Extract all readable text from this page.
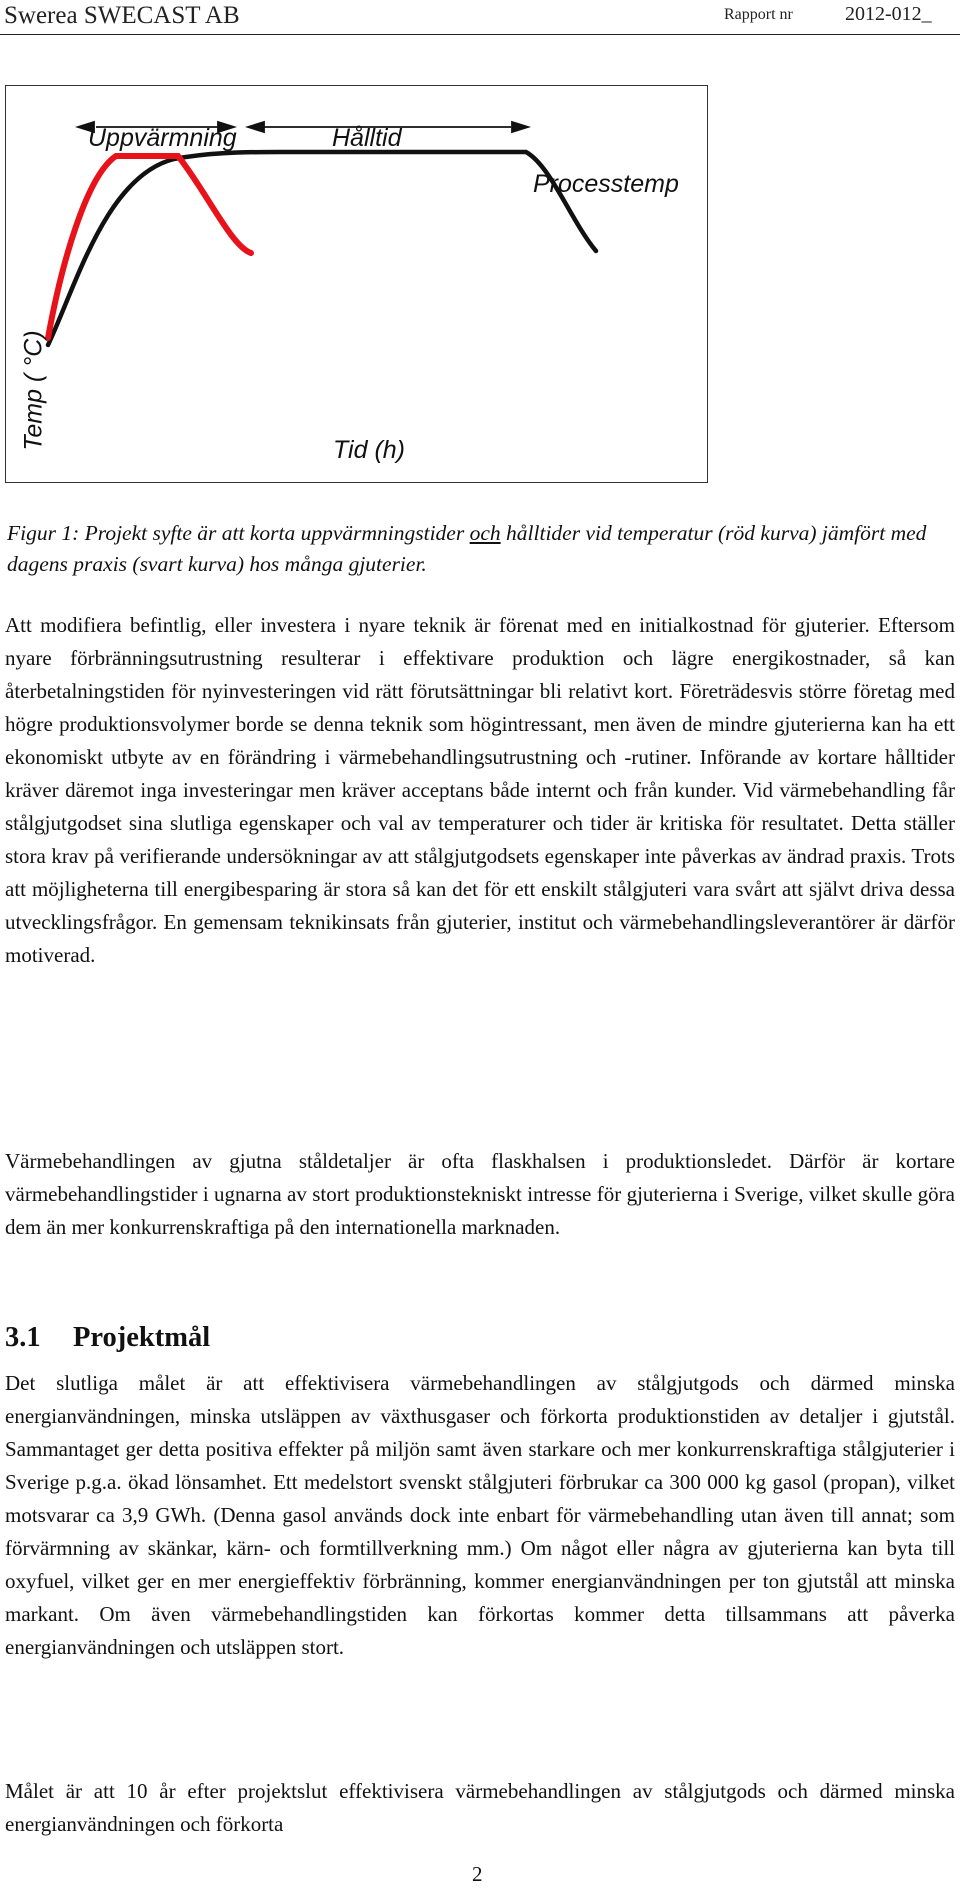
Swerea SWECAST AB	Rapport nr	2012-012_
Uppvärmning	Hålltid
Processtemp
Temp ( °C)	Tid (h)
Figur 1: Projekt syfte är att korta uppvärmningstider och hålltider vid temperatur (röd kurva) jämfört med dagens praxis (svart kurva) hos många gjuterier.

Att modifiera befintlig, eller investera i nyare teknik är förenat med en initialkostnad för gjuterier. Eftersom nyare förbränningsutrustning resulterar i effektivare produktion och lägre energikostnader, så kan återbetalningstiden för nyinvesteringen vid rätt förutsättningar bli relativt kort. Företrädesvis större företag med högre produktionsvolymer borde se denna teknik som högintressant, men även de mindre gjuterierna kan ha ett ekonomiskt utbyte av en förändring i värmebehandlingsutrustning och -rutiner. Införande av kortare hålltider kräver däremot inga investeringar men kräver acceptans både internt och från kunder. Vid värmebehandling får stålgjutgodset sina slutliga egenskaper och val av temperaturer och tider är kritiska för resultatet. Detta ställer stora krav på verifierande undersökningar av att stålgjutgodsets egenskaper inte påverkas av ändrad praxis. Trots att möjligheterna till energibesparing är stora så kan det för ett enskilt stålgjuteri vara svårt att självt driva dessa utvecklingsfrågor. En gemensam teknikinsats från gjuterier, institut och värmebehandlingsleverantörer är därför motiverad.

Värmebehandlingen av gjutna ståldetaljer är ofta flaskhalsen i produktionsledet. Därför är kortare värmebehandlingstider i ugnarna av stort produktionstekniskt intresse för gjuterierna i Sverige, vilket skulle göra dem än mer konkurrenskraftiga på den internationella marknaden.

3.1 Projektmål

Det slutliga målet är att effektivisera värmebehandlingen av stålgjutgods och därmed minska energianvändningen, minska utsläppen av växthusgaser och förkorta produktionstiden av detaljer i gjutstål. Sammantaget ger detta positiva effekter på miljön samt även starkare och mer konkurrenskraftiga stålgjuterier i Sverige p.g.a. ökad lönsamhet. Ett medelstort svenskt stålgjuteri förbrukar ca 300 000 kg gasol (propan), vilket motsvarar ca 3,9 GWh. (Denna gasol används dock inte enbart för värmebehandling utan även till annat; som förvärmning av skänkar, kärn- och formtillverkning mm.) Om något eller några av gjuterierna kan byta till oxyfuel, vilket ger en mer energieffektiv förbränning, kommer energianvändningen per ton gjutstål att minska markant. Om även värmebehandlingstiden kan förkortas kommer detta tillsammans att påverka energianvändningen och utsläppen stort.

Målet är att 10 år efter projektslut effektivisera värmebehandlingen av stålgjutgods och därmed minska energianvändningen och förkorta

2
